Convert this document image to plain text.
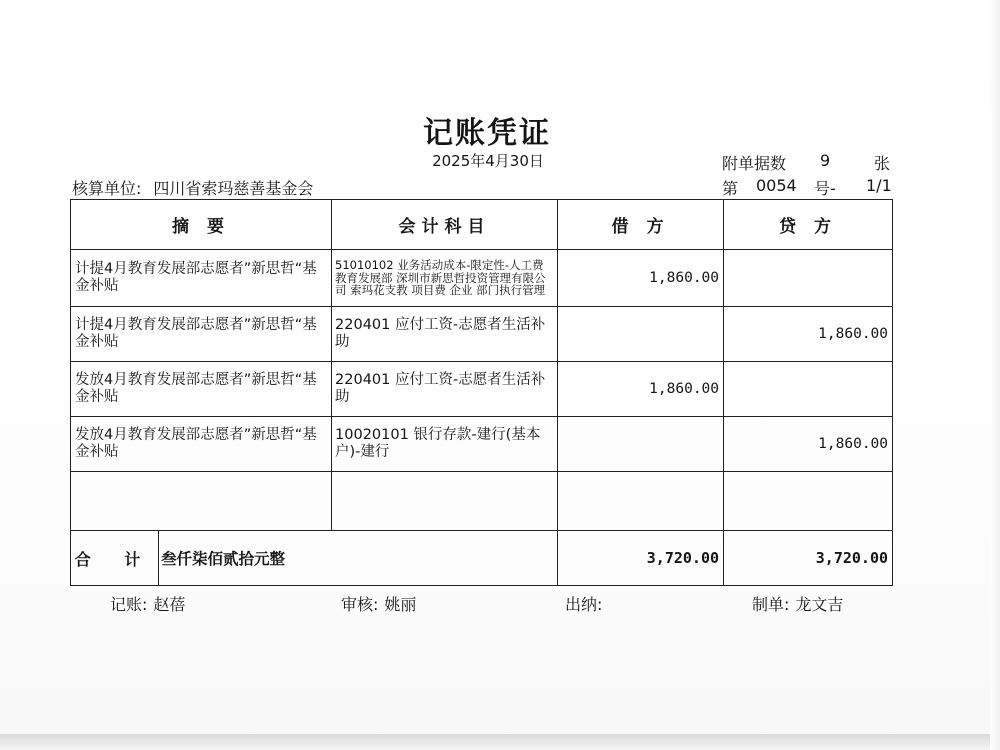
记账凭证
2025年4月30日	附单据数 9	张
核算单位: 四川省索玛慈善基金会	第 0054 号- 1/1
摘 要		会计科目	借 方	贷 方
计提4月教育发展部志愿者”新思哲“基金补贴		51010102 业务活动成本-限定性-人工费 教育发展部 深圳市新思哲投资管理有限公司 索玛花支教 项目费 企业 部门执行管理	1,860.00	
计提4月教育发展部志愿者”新思哲“基金补贴		220401 应付工资-志愿者生活补助		1,860.00
发放4月教育发展部志愿者”新思哲“基金补贴		220401 应付工资-志愿者生活补助	1,860.00	
发放4月教育发展部志愿者”新思哲“基金补贴		10020101 银行存款-建行(基本户)-建行		1,860.00

合 计	叁仟柒佰贰拾元整		3,720.00	3,720.00
记账: 赵蓓	审核: 姚丽	出纳:	制单: 龙文吉
